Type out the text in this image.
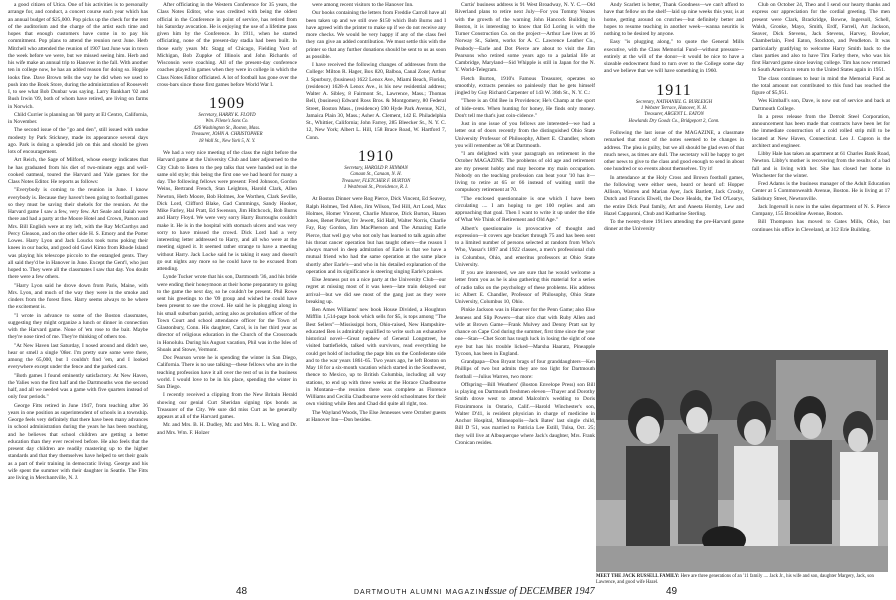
a good citizen of Utica. One of his activities is to personally arrange for, and conduct, a concert course each year which has an annual budget of $25,000. Pop picks up the check for the rent of the auditorium and the charge of the artist each time and hopes that enough customers have come in to pay his commitment. Pop plans to attend the reunion next June. Herb Mitchell who attended the reunion of 1907 last June was in town the week before we were, but we missed seeing him. Herb and his wife make an annual trip to Hanover in the fall. With another ten in college now, he has an added reason for doing so. Hoppie looks fine. Dave Brown tells the way he did when we used to push into the Book Store, during the administration of Roosevelt I, to see what Bob Dunbar was saying. Larry Bankhart '02 and Bush Irwin '09, both of whom have retired, are living on farms in Norwich.

Child Currier is planning an '08 party at El Centro, California, in November.

The second issue of the "go and den", still issued with undue modesty by Park Stickney, made its appearance several days ago. Park is doing a splendid job on this and should be given lots of encouragement.

Art Reich, the Sage of Milford, whose energy indicates that he has graduated from his diet of two-minute eggs and well-cooked oatmeal, toured the Harvard and Yale games for the Class Notes Editor. He reports as follows:

"Everybody is coming to the reunion in June. I know everybody is. Because they haven't been going to football games so they must be saving their shekels for the reunion. At the Harvard game I saw a few, very few. Art Seale and Isaiah were there and had a party at the Moore Hotel and Crown, Parson and Mrs. Bill English were at my left, with the Ray McCarthys and Percy Gleason, and on the other side H. S. Emory and the Porter Lowes. Harry Lyon and Jack Loucks took turns poking their knees in our backs, and good old Gawl Kimo from Rhode Island was playing his telescope piccolo to the entangled gents. They all said they'd be in Hanover in June. Except the Gent'l, who just hoped to. They were all the classmates I saw that day. You doubt there were a few others.

"Harry Lyon said he drove down from Paris, Maine, with Mrs. Lyon, and much of the way they were in the smoke and cinders from the forest fires. Harry seems always to be where the excitement is.

"I wrote in advance to some of the Boston classmates, suggesting they might organize a lunch or dinner in connection with the Harvard game. None of 'em rose to the bait. Maybe they're nose tired of me. They're thinking of others too.

"At New Haven last Saturday, I nosed around and didn't see, hear or smell a single '08er. I'm pretty sure some were there, among the 65,000, but I couldn't find 'em, and I looked everywhere except under the fence and the parked cars.

"Both games I found eminently satisfactory. At New Haven, the Yalies won the first half and the Dartmouths won the second half, and all we needed was a game with five quarters instead of only four periods."

George Fitts retired in June 1947, from teaching after 36 years in one position as superintendent of schools in a township. George feels very definitely that there have been many advances in school administration during the years he has been teaching, and he believes that school children are getting a better education than they ever received before. He also feels that the present day children are readily mastering up to the higher standards and that they themselves have helped to set their goals as a part of their training in democratic living. George and his wife spent the summer with their daughter in Seattle. The Fitts are living in Merchantville, N. J.

After officiating in the Western Conference for 35 years, the Class Notes Editor, who was credited with being the oldest official in the Conference in point of service, has retired from his Saturday avocation. He is enjoying the use of a lifetime pass given him by the Conference. In 1911, when he started officiating, none of the present-day stadia had been built. In those early years Mr. Stagg of Chicago, Fielding Yost of Michigan, Bob Zuppke of Illinois and John Richards of Wisconsin were coaching. All of the present-day conference coaches played in games when they were in college in which the Class Notes Editor officiated. A lot of football has gone over the cross-bars since those first games before World War I.

1909
Secretary, HARRY K. FLOYD
Wm. Filene's Sons Co.
426 Washington St., Boston, Mass.
Treasurer, JOHN A. CHRISTOPHER
18 Wall St., New York 5, N. Y.

We had a very nice meeting of the class the night before the Harvard game at the University Club and later adjourned to the City Club to listen to the pep talks that were handed out in the same old style; this being the first one we had heard for many a day. The following fellows were present: Fred Johnson, Gordon Weins, Bertrand French, Stan Leighton, Harold Clark, Allen Newton, Herb Moore, Bob Holmes, Joe Worthen, Clark Seville, Dick Lord, Clifford Blake, Gad Cummings, Sandy Hooker, Mike Farley, Hal Pratt, Ed Swenson, Jim Hitchcock, Bob Burns and Harry Floyd. We were very sorry Harry Burroughs couldn't make it. He is in the hospital with stomach ulcers and was very sorry to have missed the crowd. Dick Lord had a very interesting letter addressed to Harry, and all who were at the meeting signed it. It seemed rather strange to have a meeting without Harry. Jack Locke said he is taking it easy and doesn't go out nights any more so he could have to be excused from attending.

Lynde Tucker wrote that his son, Dartmouth '36, and his bride were ending their honeymoon at their home preparatory to going to the game the next day, so he couldn't be present. Phil Rowe sent his greetings to the '09 group and wished he could have been present to see the crowd. He said he is plugging along in his small suburban parish, acting also as probation officer of the Town Court and school attendance officer for the Town of Glastonbury, Conn. His daughter, Carol, is in her third year as director of religious education in the Church of the Crossroads in Honolulu. During his August vacation, Phil was in the Isles of Shoals and Stowe, Vermont.

Doc Pearson wrote he is spending the winter in San Diego, California. There is no use talking—these fellows who are in the teaching profession have it all over the rest of us in the business world. I would love to be in his place, spending the winter in San Diego.

I recently received a clipping from the New Britain Herald showing our genial Curt Sheridan signing tips bonds as Treasurer of the City. We sure did miss Curt as he generally appears at all of the Harvard games.

Mr. and Mrs. B. H. Dudley, Mr. and Mrs. R. L. Wing and Dr. and Mrs. Wm. F. Holzer

were among recent visitors to the Hanover Inn.

Our books containing the letters from Freddie Carroll have all been taken up and we still owe $150 which Bob Burns and I have agreed with the printer to make up if we do not receive any more checks. We would be very happy if any of the class feel they can give an added contribution. We must settle this with the printer so that any further donations should be sent to us as soon as possible.

I have received the following changes of addresses from the College: Milton R. Hager, Box 820, Balboa, Canal Zone; Arthur J. Spurbury, (business) 1622 Lenox Ave., Miami Beach, Florida, (residence) 1628-A Lenox Ave., is his new residential address; Walter A. Sibley, 8 Fairmont St., Lawrence, Mass.; Thomas Bell, (business) Edward Ross Bros. & Montgomery, 80 Federal Street, Boston Mass., (residence) 590 Hyde Park Avenue, N21, Jamaica Plain 30, Mass.; Asher A. Clement, 142 E. Philadelphia St., Whittier, California; John Farrey, 285 Bleecker St., N. Y. C. 12, New York; Albert L. Hill, 158 Brace Road, W. Hartford 7, Conn.

1910
Secretary, HAROLD P. HINMAN
Canaan St., Canaan, N. H.
Treasurer, FLETCHER F. BURTON
1 Westbrook St., Providence, R. I.

At Boston Dinner were Rog Pierce, Dick Vincent, Ed Seavey, Ralph Holmes, Ted Allen, Jim Wilson, Ted Hill, Art Loud, Max Holmes, Homer Vincent, Charlie Munroe, Dick Burton, Hazen Jones, Benet Parker, Irv Jewett, Sid Hall, Walter Norris, Charlie Fay, Ray Gordon, Jim MacPherson and The Amazing Earle Pierce, that well guy who not only has learned to talk again after his throat cancer operation but has taught others—the reason I always marvel in deep admiration of Earle is that we have a mutual friend who had the same operation at the same place shortly after Earle's—and who in his detailed explanation of the operation and its significance is steering singing Earle's praises.

Else Jenness put on a nice party at the University Club—our regret at missing most of it was keen—late train delayed our arrival—but we did see most of the gang just as they were breaking up.

Ben Ames Williams' new book House Divided, a Houghton Mifflin 1,514-page book which sells for $5, is tops among "The Best Sellers"—Mississippi born, Ohio-raised, New Hampshire-educated Ben is admirably qualified to write such an exhaustive historical novel—Great nephew of General Longstreet, he visited battlefields, talked with survivors, read everything he could get hold of including the page bits on the Confederate side and to the war years 1861-65. Two years ago, he left Boston on May 18 for a six-month vacation which started in the Southwest, thence to Mexico, up to British Columbia, including all way stations, to end up with three weeks at the Horace Chadbourne in Montana—the reunion there was complete as Florence Williams and Cecilia Chadbourne were old schoolmates for their own visiting while Ben and Chad did quite all right, too.

The Wayland Woods, The Else Jennesses were October guests at Hanover Inn—Don besides.

Curtis' business address is 91 West Broadway, N. Y. C.—Old Riverland plans to retire next July—For you Tommy Veazes with the growth of the warning John Hancock Building in Boston, it is interesting to know that Ed Loring is with the Turner Construction Co. on the project—Arthur Lee lives at 16 Norway St., Salem, works for A. C. Lawrence Leather Co., Peabody—Earle and Dot Pierce are about to visit the Jim Pearsons who retired some years ago to a palatial life at Cambridge, Maryland—Sid Whipple is still in Japan for the N. Y. World-Telegram.

Fletch Burton, 1910's Famous Treasurer, operates so smoothly, extracts pennies so painlessly that he gets himself jingled by Guy Richard Carpenter of 143 W. 36th St., N. Y. C.:

"There is an Old Bee in Providence; He's Champ at the sport of hide-cents. When hunting for honey, He finds only money. Don't tell me that's just coin-cidence."

Just in one issue of you fellows are interested—we had a letter out of doors recently from the distinguished Ohio State University Professor of Philosophy, Albert E. Chandler, whom you will remember as '08 at Dartmouth.

"I am delighted with your paragraph on retirement in the October MAGAZINE. The problems of old age and retirement are my present hobby and may become my main occupation. Nobody on the teaching profession can beat your '10 has it—living to retire at 65 or 66 instead of waiting until the compulsory retirement at 70.

"The enclosed questionnaire is one which I have been circulating .... I am hoping to get 100 replies and am approaching that goal. Then I want to write it up under the title of What We Think of Retirement and Old Age."

Albert's questionnaire is provocative of thought and expression—it covers age bracket through 75 and has been sent to a limited number of persons selected at random from Who's Who, Vassar's 1897 and 1922 classes, a men's professional club in Columbus, Ohio, and emeritus professors at Ohio State University.

If you are interested, we are sure that he would welcome a letter from you as he is also gathering this material for a series of radio talks on the psychology of these problems. His address is: Albert E. Chandler, Professor of Philosophy, Ohio State University, Columbus 10, Ohio.

Pinkie Jackson was in Hanover for the Penn Game; also Else Jenness and Slip Powers—that nice chat with Ruby Allen and wife at Brown Game—Frank Mulvey and Denny Pratt sat by chance on Cape Cod during the summer, first time since the year one—Stan—Chet Scott has tough luck in losing the sight of one eye but has his trouble licked—Marsha Haaratz, Pineapple Tycoon, has been in England.

Grandpapa—Don Bryant brags of four granddaughters—Ken Phillips of two but admits they are too light for Dartmouth football —Julius Warren, two more:

Offspring—Bill Weathers' (Boston Envelope Press) son Bill is playing on Dartmouth freshmen eleven—Thayer and Dorothy Smith drove west to attend Malcolm's wedding to Doris Fitzsimmons in Ontario, Calif.—Harold Winchester's son, Walter D'41, is resident physician in charge of medicine in Anchor Hospital, Minneapolis—Jack Bates' last single child, Bill D '51, was married to Patricia Lee Estill, Tulsa, Oct. 25; they will live at Albuquerque where Jack's daughter, Mrs. Frank Cronican resides.

Andy Scarlett is better, Thank Goodness—we can't afford to have that fellow on the shelf—laid up nine weeks this year, is at home, getting around on crutches—but definitely better and hopes to resume teaching in another week—wanna neuritis is nothing to be desired by anyone.

Easy "is plugging along," to quote the General Mills executive, with the Class Memorial Fund—without pressure—entirely at the will of the donor—it would be nice to have a sizeable endowment fund to turn over to the College some day and we believe that we will have something in 1960.

1911
Secretary, NATHANIEL G. BURLEIGH
1 Webster Terrace, Hanover, N. H.
Treasurer, ARGENT L. EATON
Howlands Dry Goods Co., Bridgeport 2, Conn.

Following the last issue of the MAGAZINE, a classmate remarked that most of the notes seemed to be changes in address. The plea is guilty, but we all should be glad even of that much news, as times are dull. The secretary will be happy to get other news to give to the class and good enough to send in about one hundred or so events about themselves. Try it!

In attendance at the Holy Cross and Brown football games, the following were either seen, heard or heard of: Hopper Allison, Warren and Marian Ayer, Jack Bartlett, Jack Crosby, Dutch and Francis Elwell, the Doce Healds, the Ted O'Learys, the entire Dick Paul family, Art and Aneeta Hornby, Lew and Hazel Capparoni, Chub and Katharine Sterling.

To the twenty-three 1911ers attending the pre-Harvard game dinner at the University

Club on October 24, Theo and I send our hearty thanks and express our appreciation for the cordial greeting. The men present were Clark, Brackridge, Bowne, Ingersoll, Schell, Walsh, Gronke, Mayo, Smith, Erdf, Farrell, Art Jackson, Seaver, Dick Stevens, Jack Stevens, Harvey, Bowker, Chamberlain, Fred Eaton, Stockton, and Pendleton. It was particularly gratifying to welcome Harry Smith back to the class parties and also to have Tim Farley there, who was his first Harvard game since leaving college. Tim has now returned to South America to return to the United States again in 1951.

The class continues to hear in mind the Memorial Fund as the total amount not contributed to this fund has reached the figure of $5,951.

Wes Kimball's son, Dave, is now out of service and back at Dartmouth College.

In a press release from the Detroit Steel Corporation, announcement has been made that contracts have been let for the immediate construction of a cold rolled strip mill to be located at New Haven, Connecticut. Leo J. Capron is the architect and engineer.

Libby Hale has taken an apartment at 61 Charles Bank Road, Newton. Libby's mother is recovering from the results of a bad fall and is living with her. She has closed her home in Winchester for the winter.

Fred Adams is the business manager of the Adult Education Center at 5 Commonwealth Avenue, Boston. He is living at 17 Salisbury Street, Newtonville.

Jack Ingersoll is now in the sales department of N. S. Pierce Company, 155 Brookline Avenue, Boston.

Bill Thompson has moved to Gates Mills, Ohio, but continues his office in Cleveland, at 312 Erie Building.

MEET THE JACK RUSSELL FAMILY: Here are three generations of an '11 family .... Jack Jr., his wife and son, daughter Margery, Jack, son Lawrence, and good wife Hazel.
48	DARTMOUTH ALUMNI MAGAZINE
Issue of DECEMBER 1947	49
